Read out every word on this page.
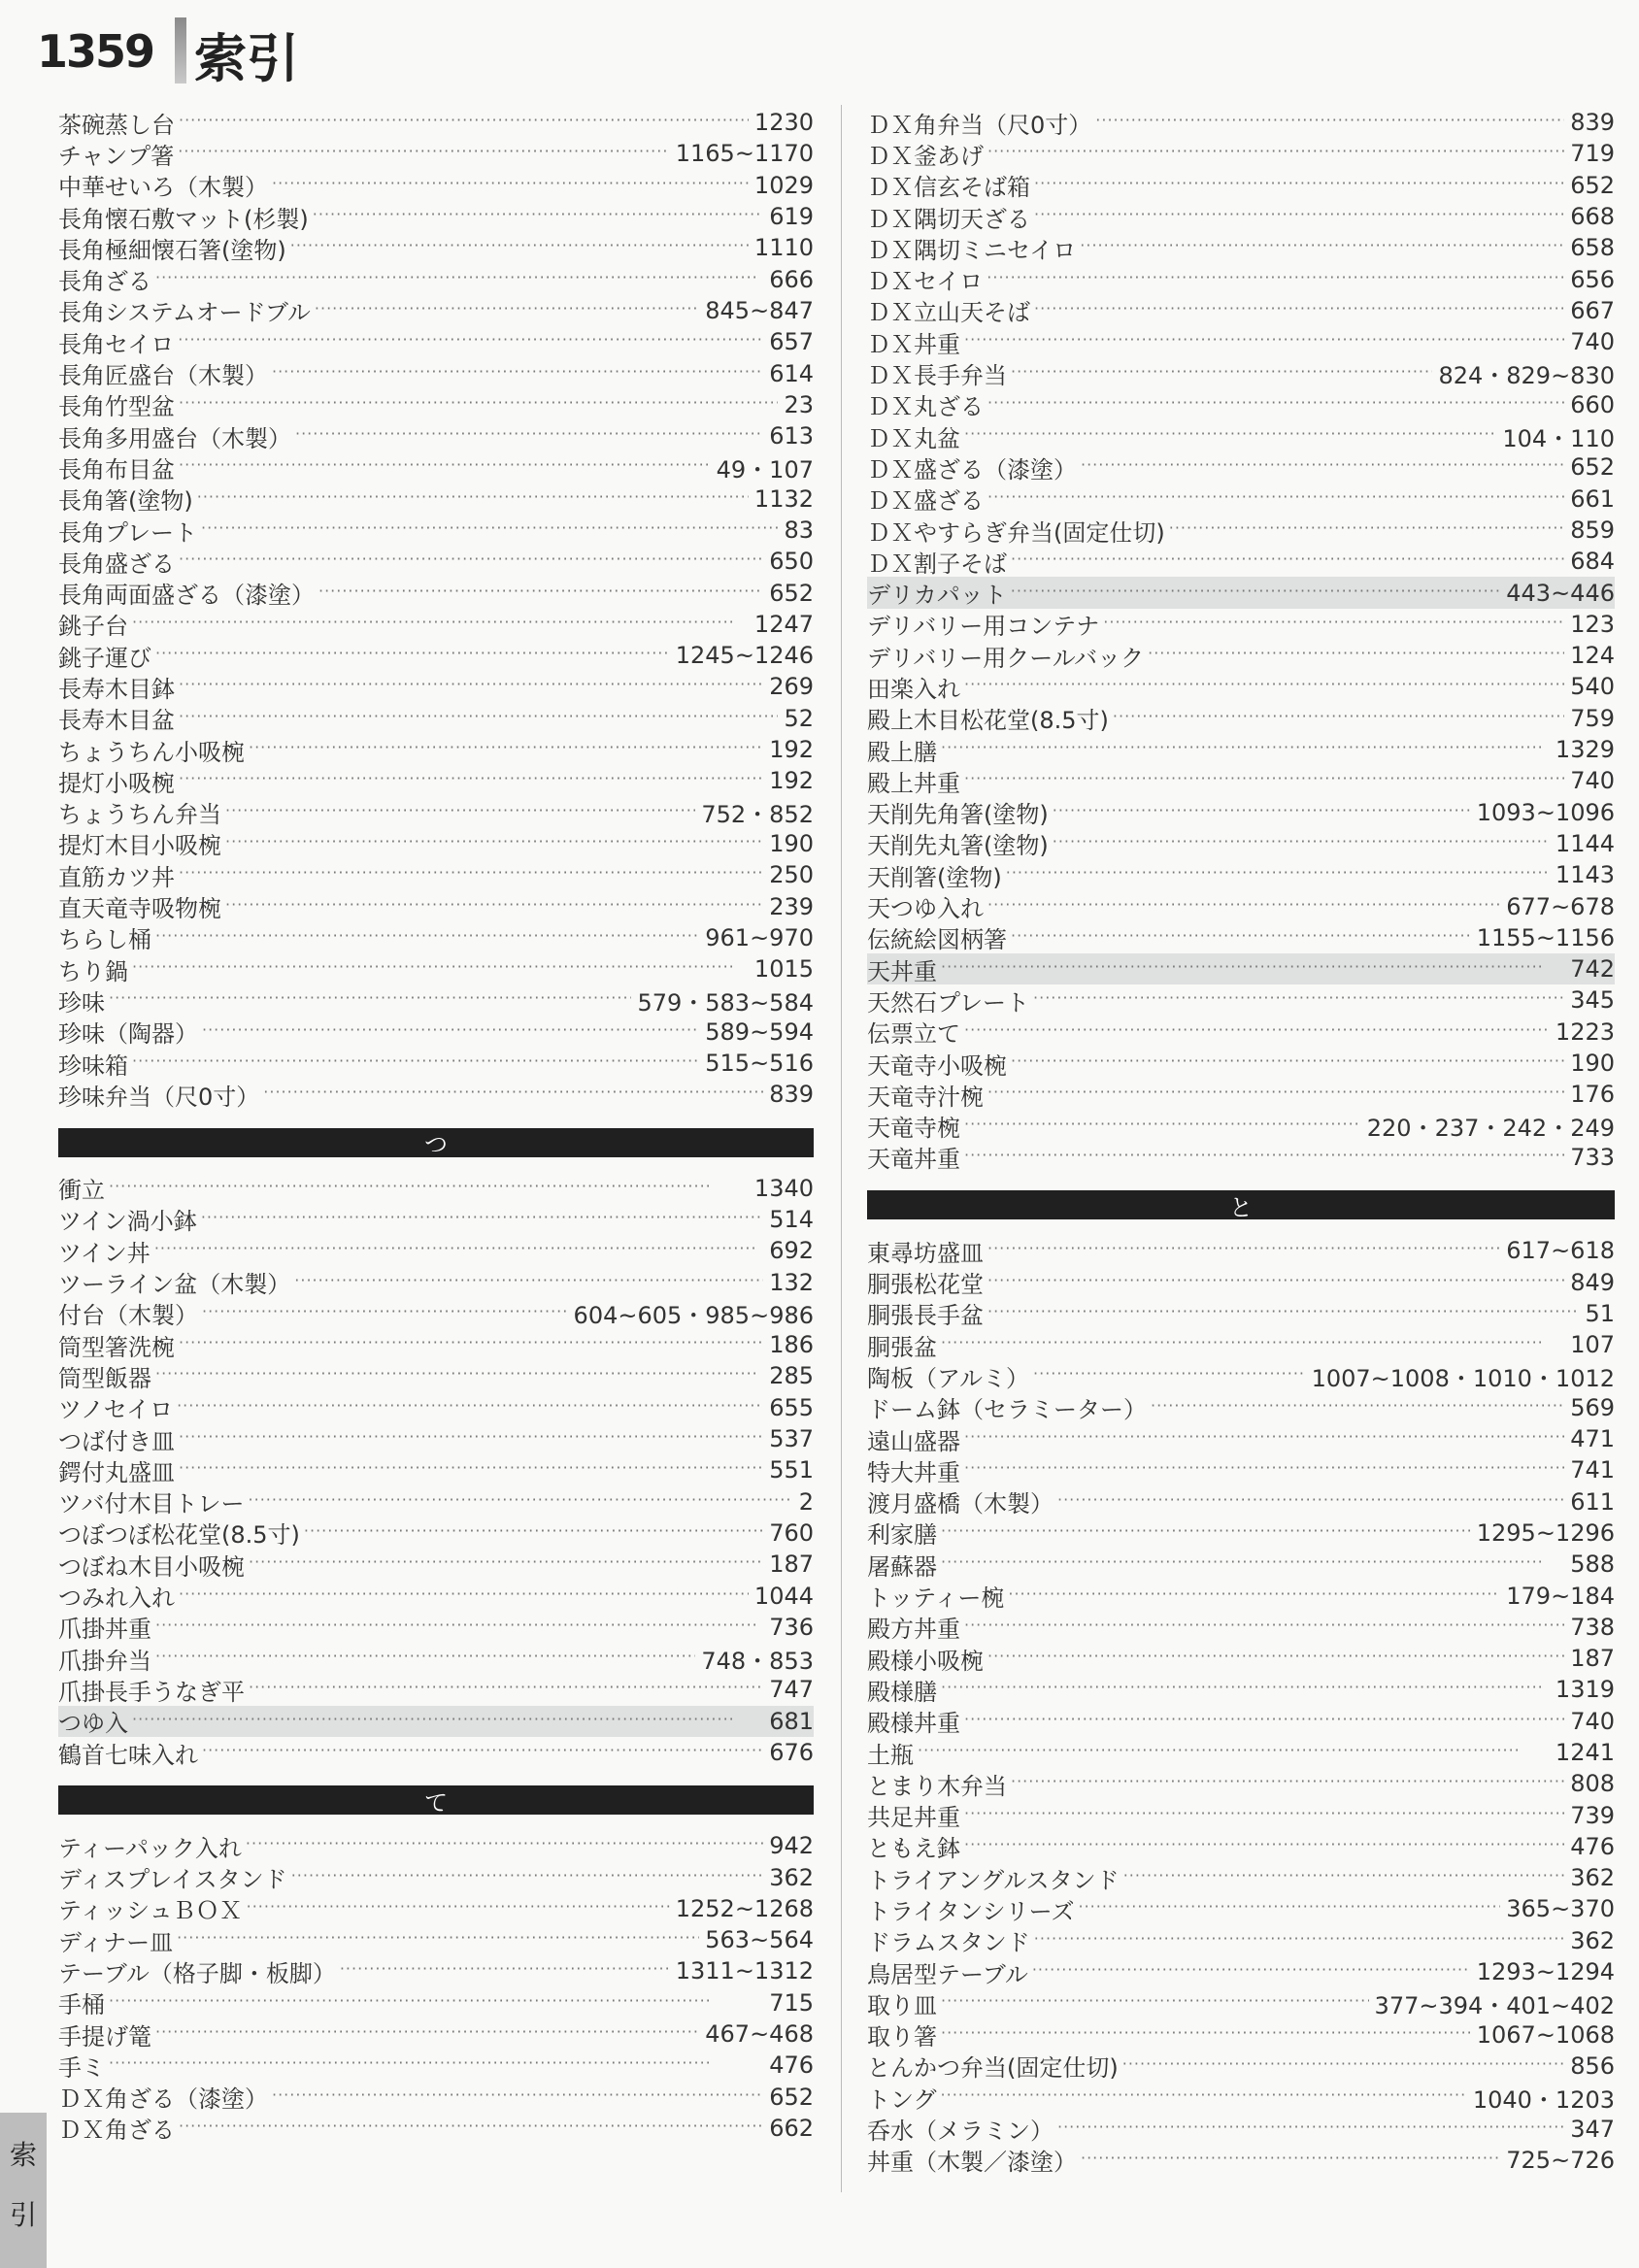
1359 索引
茶碗蒸し台 ·····	1230
チャンプ箸 ·····	1165~1170
中華せいろ（木製） ·····	1029
長角懐石敷マット(杉製) ·····	619
長角極細懐石箸(塗物) ·····	1110
長角ざる ·····	666
長角システムオードブル ·····	845~847
長角セイロ ·····	657
長角匠盛台（木製） ·····	614
長角竹型盆 ·····	23
長角多用盛台（木製） ·····	613
長角布目盆 ·····	49・107
長角箸(塗物) ·····	1132
長角プレート ·····	83
長角盛ざる ·····	650
長角両面盛ざる（漆塗） ·····	652
銚子台 ·····	1247
銚子運び ·····	1245~1246
長寿木目鉢 ·····	269
長寿木目盆 ·····	52
ちょうちん小吸椀 ·····	192
提灯小吸椀 ·····	192
ちょうちん弁当 ·····	752・852
提灯木目小吸椀 ·····	190
直筋カツ丼 ·····	250
直天竜寺吸物椀 ·····	239
ちらし桶 ·····	961~970
ちり鍋 ·····	1015
珍味 ·····	579・583~584
珍味（陶器） ·····	589~594
珍味箱 ·····	515~516
珍味弁当（尺0寸） ·····	839
つ
衝立 ·····	1340
ツイン渦小鉢 ·····	514
ツイン丼 ·····	692
ツーライン盆（木製） ·····	132
付台（木製） ·····	604~605・985~986
筒型箸洗椀 ·····	186
筒型飯器 ·····	285
ツノセイロ ·····	655
つば付き皿 ·····	537
鍔付丸盛皿 ·····	551
ツバ付木目トレー ·····	2
つぼつぼ松花堂(8.5寸) ·····	760
つぼね木目小吸椀 ·····	187
つみれ入れ ·····	1044
爪掛丼重 ·····	736
爪掛弁当 ·····	748・853
爪掛長手うなぎ平 ·····	747
つゆ入 ·····	681
鶴首七味入れ ·····	676
て
ティーパック入れ ·····	942
ディスプレイスタンド ·····	362
ティッシュＢＯＸ ·····	1252~1268
ディナー皿 ·····	563~564
テーブル（格子脚・板脚） ·····	1311~1312
手桶 ·····	715
手提げ篭 ·····	467~468
手ミ ·····	476
ＤＸ角ざる（漆塗） ·····	652
ＤＸ角ざる ·····	662
ＤＸ角弁当（尺0寸） ·····	839
ＤＸ釜あげ ·····	719
ＤＸ信玄そば箱 ·····	652
ＤＸ隅切天ざる ·····	668
ＤＸ隅切ミニセイロ ·····	658
ＤＸセイロ ·····	656
ＤＸ立山天そば ·····	667
ＤＸ丼重 ·····	740
ＤＸ長手弁当 ·····	824・829~830
ＤＸ丸ざる ·····	660
ＤＸ丸盆 ·····	104・110
ＤＸ盛ざる（漆塗） ·····	652
ＤＸ盛ざる ·····	661
ＤＸやすらぎ弁当(固定仕切) ·····	859
ＤＸ割子そば ·····	684
デリカパット ·····	443~446
デリバリー用コンテナ ·····	123
デリバリー用クールバック ·····	124
田楽入れ ·····	540
殿上木目松花堂(8.5寸) ·····	759
殿上膳 ·····	1329
殿上丼重 ·····	740
天削先角箸(塗物) ·····	1093~1096
天削先丸箸(塗物) ·····	1144
天削箸(塗物) ·····	1143
天つゆ入れ ·····	677~678
伝統絵図柄箸 ·····	1155~1156
天丼重 ·····	742
天然石プレート ·····	345
伝票立て ·····	1223
天竜寺小吸椀 ·····	190
天竜寺汁椀 ·····	176
天竜寺椀 ·····	220・237・242・249
天竜丼重 ·····	733
と
東尋坊盛皿 ·····	617~618
胴張松花堂 ·····	849
胴張長手盆 ·····	51
胴張盆 ·····	107
陶板（アルミ） ·····	1007~1008・1010・1012
ドーム鉢（セラミーター） ·····	569
遠山盛器 ·····	471
特大丼重 ·····	741
渡月盛橋（木製） ·····	611
利家膳 ·····	1295~1296
屠蘇器 ·····	588
トッティー椀 ·····	179~184
殿方丼重 ·····	738
殿様小吸椀 ·····	187
殿様膳 ·····	1319
殿様丼重 ·····	740
土瓶 ·····	1241
とまり木弁当 ·····	808
共足丼重 ·····	739
ともえ鉢 ·····	476
トライアングルスタンド ·····	362
トライタンシリーズ ·····	365~370
ドラムスタンド ·····	362
鳥居型テーブル ·····	1293~1294
取り皿 ·····	377~394・401~402
取り箸 ·····	1067~1068
とんかつ弁当(固定仕切) ·····	856
トング ·····	1040・1203
呑水（メラミン） ·····	347
丼重（木製／漆塗） ·····	725~726
索
引
